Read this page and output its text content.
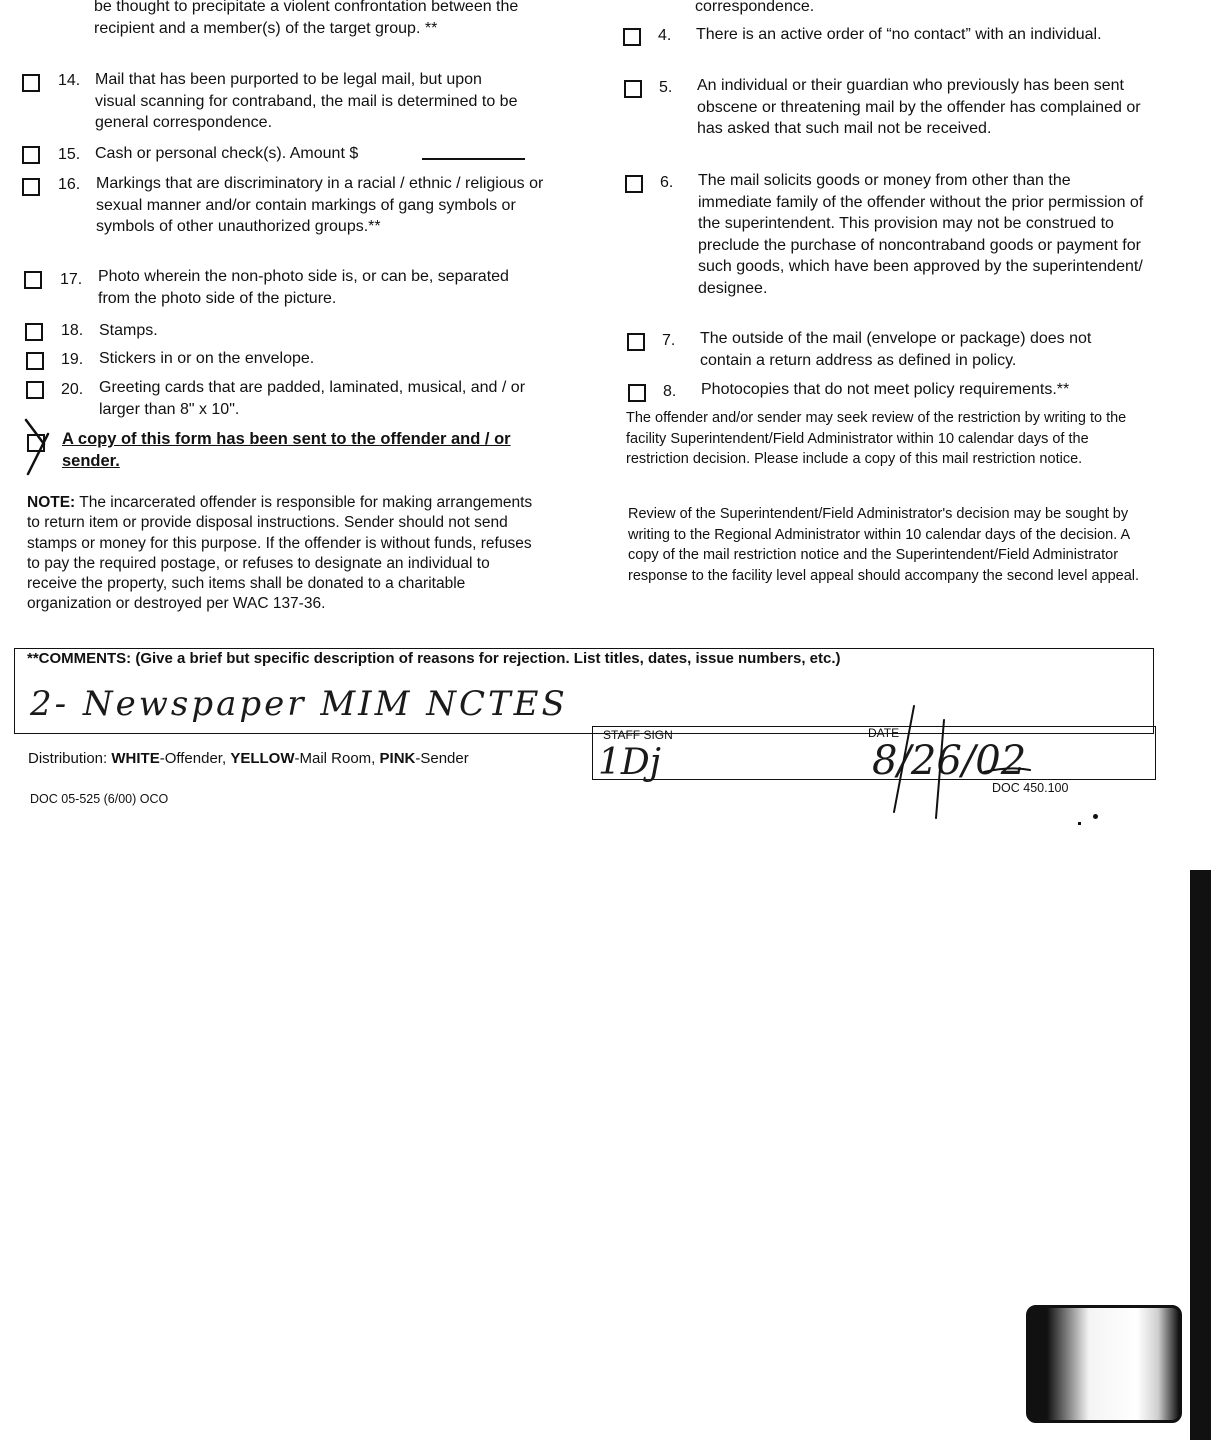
be thought to precipitate a violent confrontation between the recipient and a member(s) of the target group. **
14. Mail that has been purported to be legal mail, but upon visual scanning for contraband, the mail is determined to be general correspondence.
15. Cash or personal check(s). Amount $
16. Markings that are discriminatory in a racial / ethnic / religious or sexual manner and/or contain markings of gang symbols or symbols of other unauthorized groups.**
17. Photo wherein the non-photo side is, or can be, separated from the photo side of the picture.
18. Stamps.
19. Stickers in or on the envelope.
20. Greeting cards that are padded, laminated, musical, and / or larger than 8" x 10".
A copy of this form has been sent to the offender and / or sender.
NOTE: The incarcerated offender is responsible for making arrangements to return item or provide disposal instructions. Sender should not send stamps or money for this purpose. If the offender is without funds, refuses to pay the required postage, or refuses to designate an individual to receive the property, such items shall be donated to a charitable organization or destroyed per WAC 137-36.
correspondence.
4. There is an active order of “no contact” with an individual.
5. An individual or their guardian who previously has been sent obscene or threatening mail by the offender has complained or has asked that such mail not be received.
6. The mail solicits goods or money from other than the immediate family of the offender without the prior permission of the superintendent. This provision may not be construed to preclude the purchase of noncontraband goods or payment for such goods, which have been approved by the superintendent/ designee.
7. The outside of the mail (envelope or package) does not contain a return address as defined in policy.
8. Photocopies that do not meet policy requirements.**
The offender and/or sender may seek review of the restriction by writing to the facility Superintendent/Field Administrator within 10 calendar days of the restriction decision. Please include a copy of this mail restriction notice.
Review of the Superintendent/Field Administrator's decision may be sought by writing to the Regional Administrator within 10 calendar days of the decision. A copy of the mail restriction notice and the Superintendent/Field Administrator response to the facility level appeal should accompany the second level appeal.
**COMMENTS: (Give a brief but specific description of reasons for rejection. List titles, dates, issue numbers, etc.)
2- Newspaper MIM NCTES
STAFF SIGN	DATE
1Dj	8/26/02
Distribution: WHITE-Offender, YELLOW-Mail Room, PINK-Sender
DOC 05-525 (6/00) OCO
DOC 450.100
